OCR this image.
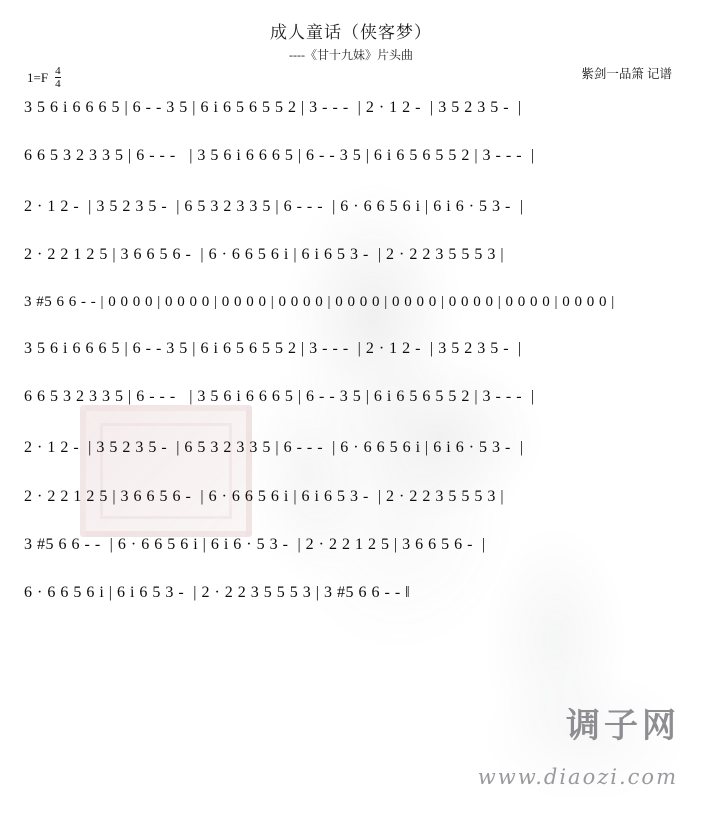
成人童话（侠客梦）
----《甘十九妹》片头曲
$1=F \frac{4}{4}$	紫剑一品箫 记谱
3 5 6 i 6 6 6 5 | 6 - - 3 5 | 6 i 6 5 6 5 5 2 | 3 - - -  | 2 · 1 2 -  | 3 5 2 3 5 -  |
6 6 5 3 2 3 3 5 | 6 - - -   | 3 5 6 i 6 6 6 5 | 6 - - 3 5 | 6 i 6 5 6 5 5 2 | 3 - - -  |
2 · 1 2 -  | 3 5 2 3 5 -  | 6 5 3 2 3 3 5 | 6 - - -  | 6 · 6 6 5 6 i | 6 i 6 · 5 3 -  |
2 · 2 2 1 2 5 | 3 6 6 5 6 -  | 6 · 6 6 5 6 i | 6 i 6 5 3 -  | 2 · 2 2 3 5 5 5 3 |
3 #5 6 6 - - | 0 0 0 0 | 0 0 0 0 | 0 0 0 0 | 0 0 0 0 | 0 0 0 0 | 0 0 0 0 | 0 0 0 0 | 0 0 0 0 | 0 0 0 0 |
3 5 6 i 6 6 6 5 | 6 - - 3 5 | 6 i 6 5 6 5 5 2 | 3 - - -  | 2 · 1 2 -  | 3 5 2 3 5 -  |
6 6 5 3 2 3 3 5 | 6 - - -   | 3 5 6 i 6 6 6 5 | 6 - - 3 5 | 6 i 6 5 6 5 5 2 | 3 - - -  |
2 · 1 2 -  | 3 5 2 3 5 -  | 6 5 3 2 3 3 5 | 6 - - -  | 6 · 6 6 5 6 i | 6 i 6 · 5 3 -  |
2 · 2 2 1 2 5 | 3 6 6 5 6 -  | 6 · 6 6 5 6 i | 6 i 6 5 3 -  | 2 · 2 2 3 5 5 5 3 |
3 #5 6 6 - -  | 6 · 6 6 5 6 i | 6 i 6 · 5 3 -  | 2 · 2 2 1 2 5 | 3 6 6 5 6 -  |
6 · 6 6 5 6 i | 6 i 6 5 3 -  | 2 · 2 2 3 5 5 5 3 | 3 #5 6 6 - - ‖
调子网
www.diaozi.com
